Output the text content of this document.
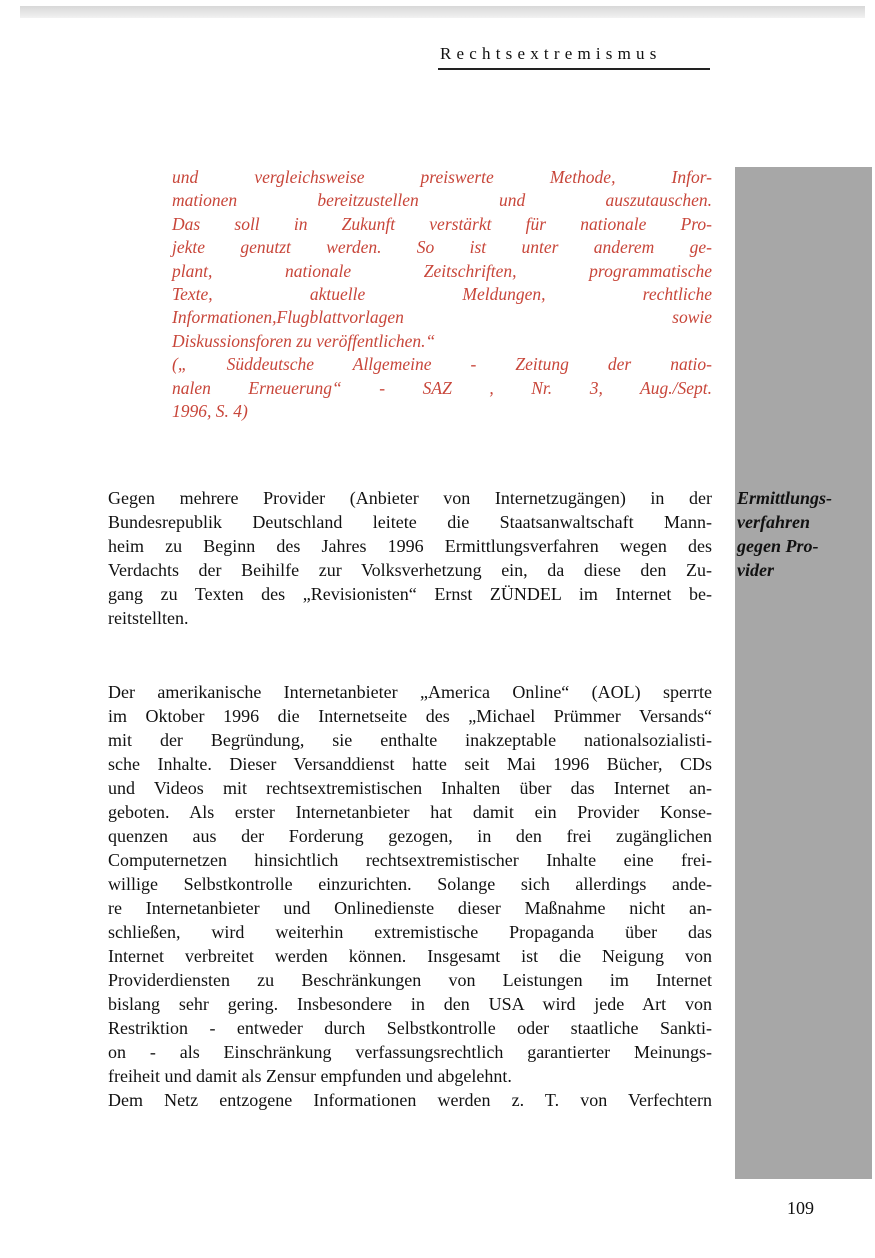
Rechtsextremismus
Ermittlungs-
verfahren
gegen Pro-
vider
und vergleichsweise preiswerte Methode, Infor-
mationen bereitzustellen und auszutauschen.
Das soll in Zukunft verstärkt für nationale Pro-
jekte genutzt werden. So ist unter anderem ge-
plant, nationale Zeitschriften, programmatische
Texte, aktuelle Meldungen, rechtliche
Informationen,Flugblattvorlagen sowie
Diskussionsforen zu veröffentlichen.“
(„ Süddeutsche Allgemeine - Zeitung der natio-
nalen Erneuerung“ - SAZ , Nr. 3, Aug./Sept.
1996, S. 4)
Gegen mehrere Provider (Anbieter von Internetzugängen) in der
Bundesrepublik Deutschland leitete die Staatsanwaltschaft Mann-
heim zu Beginn des Jahres 1996 Ermittlungsverfahren wegen des
Verdachts der Beihilfe zur Volksverhetzung ein, da diese den Zu-
gang zu Texten des „Revisionisten“ Ernst ZÜNDEL im Internet be-
reitstellten.
Der amerikanische Internetanbieter „America Online“ (AOL) sperrte
im Oktober 1996 die Internetseite des „Michael Prümmer Versands“
mit der Begründung, sie enthalte inakzeptable nationalsozialisti-
sche Inhalte. Dieser Versanddienst hatte seit Mai 1996 Bücher, CDs
und Videos mit rechtsextremistischen Inhalten über das Internet an-
geboten. Als erster Internetanbieter hat damit ein Provider Konse-
quenzen aus der Forderung gezogen, in den frei zugänglichen
Computernetzen hinsichtlich rechtsextremistischer Inhalte eine frei-
willige Selbstkontrolle einzurichten. Solange sich allerdings ande-
re Internetanbieter und Onlinedienste dieser Maßnahme nicht an-
schließen, wird weiterhin extremistische Propaganda über das
Internet verbreitet werden können. Insgesamt ist die Neigung von
Providerdiensten zu Beschränkungen von Leistungen im Internet
bislang sehr gering. Insbesondere in den USA wird jede Art von
Restriktion - entweder durch Selbstkontrolle oder staatliche Sankti-
on - als Einschränkung verfassungsrechtlich garantierter Meinungs-
freiheit und damit als Zensur empfunden und abgelehnt.
Dem Netz entzogene Informationen werden z. T. von Verfechtern
109
